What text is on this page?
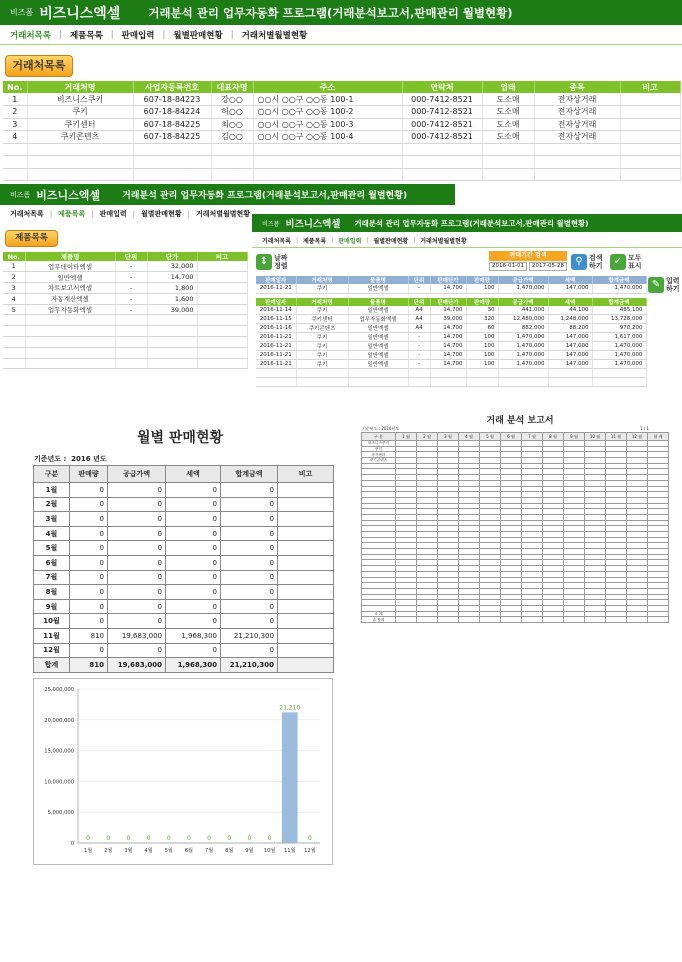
비즈폼 비즈니스엑셀 거래분석 관리 업무자동화 프로그램(거래분석보고서,판매관리 월별현황)
거래처목록 | 제품목록 | 판매입력 | 월별판매현황 | 거래처별월별현황
거래처목록
No.	거래처명	사업자등록번호	대표자명	주소	연락처	업태	종목	비고
1	비즈니스쿠키	607-18-84223	강○○	○○시 ○○구 ○○동 100-1	000-7412-8521	도소매	전자상거래	
2	쿠키	607-18-84224	허○○	○○시 ○○구 ○○동 100-2	000-7412-8521	도소매	전자상거래	
3	쿠키센터	607-18-84225	최○○	○○시 ○○구 ○○동 100-3	000-7412-8521	도소매	전자상거래	
4	쿠키콘텐츠	607-18-84225	김○○	○○시 ○○구 ○○동 100-4	000-7412-8521	도소매	전자상거래	

비즈폼 비즈니스엑셀 거래분석 관리 업무자동화 프로그램(거래분석보고서,판매관리 월별현황)
거래처목록 | 제품목록 | 판매입력 | 월별판매현황 | 거래처별월별현황
제품목록
No.	제품명	단위	단가	비고
1	업무데이타엑셀	-	32,000	
2	일반엑셀	-	14,700	
3	차트보고서엑셀	-	1,800	
4	자동계산엑셀	-	1,600	
5	업무자동화엑셀	-	39,000	

비즈폼 비즈니스엑셀 거래분석 관리 업무자동화 프로그램(거래분석보고서,판매관리 월별현황)
거래처목록 | 제품목록 | 판매입력 | 월별판매현황 | 거래처별월별현황
↕ 날짜
정렬
판매기간 검색
2016-01-01	2017-05-28	⚲ 검색
하기	✓ 모두
표시
✎ 입력
하기
판매일자	거래처명	물품명	단위	판매단가	판매량	공급가액	세액	합계금액
2016-11-21	쿠키	일반엑셀	-	14,700	100	1,470,000	147,000	1,470,000
판매일자	거래처명	물품명	단위	판매단가	판매량	공급가액	세액	합계금액
2016-11-14	쿠키	일반엑셀	A4	14,700	30	441,000	44,100	485,100
2016-11-15	쿠키센터	업무자동화엑셀	A4	39,000	320	12,480,000	1,248,000	13,728,000
2016-11-16	쿠키콘텐츠	일반엑셀	A4	14,700	60	882,000	88,200	970,200
2016-11-21	쿠키	일반엑셀	-	14,700	100	1,470,000	147,000	1,617,000
2016-11-21	쿠키	일반엑셀	-	14,700	100	1,470,000	147,000	1,470,000
2016-11-21	쿠키	일반엑셀	-	14,700	100	1,470,000	147,000	1,470,000
2016-11-21	쿠키	일반엑셀	-	14,700	100	1,470,000	147,000	1,470,000

월별 판매현황
기준년도 :  2016 년도
구분	판매량	공급가액	세액	합계금액	비고
1월	0	0	0	0	
2월	0	0	0	0	
3월	0	0	0	0	
4월	0	0	0	0	
5월	0	0	0	0	
6월	0	0	0	0	
7월	0	0	0	0	
8월	0	0	0	0	
9월	0	0	0	0	
10월	0	0	0	0	
11월	810	19,683,000	1,968,300	21,210,300	
12월	0	0	0	0	
합계	810	19,683,000	1,968,300	21,210,300	
25,000,000
20,000,000
15,000,000
10,000,000
5,000,000
0
0
1월
0
2월
0
3월
0
4월
0
5월
0
6월
0
7월
0
8월
0
9월
0
10월
21,210
11월
0
12월
거래 분석 보고서
기준년도 : 2016년도	1 / 1
구 분	1 월	2 월	3 월	4 월	5 월	6 월	7 월	8 월	9 월	10 월	11 월	12 월	합 계
비즈니스쿠키													
쿠키													
쿠키센터													
쿠키콘텐츠													

소 계													
총 합계													
